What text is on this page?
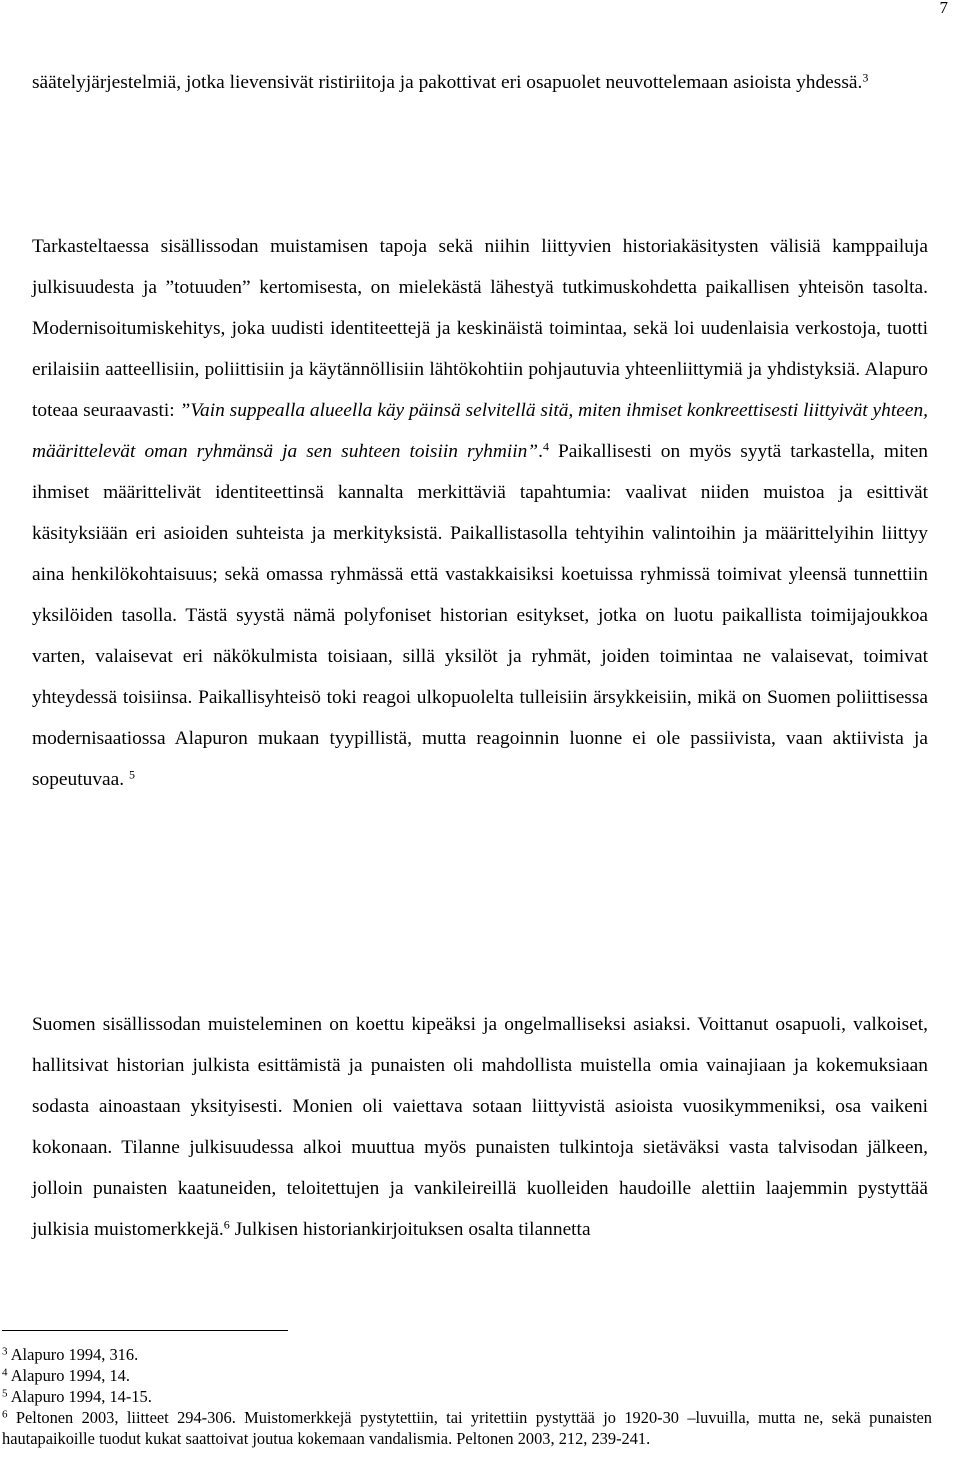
7

säätelyjärjestelmiä, jotka lievensivät ristiriitoja ja pakottivat eri osapuolet neuvottelemaan asioista yhdessä.$^3$

Tarkasteltaessa sisällissodan muistamisen tapoja sekä niihin liittyvien historiakäsitysten välisiä kamppailuja julkisuudesta ja ”totuuden” kertomisesta, on mielekästä lähestyä tutkimuskohdetta paikallisen yhteisön tasolta. Modernisoitumiskehitys, joka uudisti identiteettejä ja keskinäistä toimintaa, sekä loi uudenlaisia verkostoja, tuotti erilaisiin aatteellisiin, poliittisiin ja käytännöllisiin lähtökohtiin pohjautuvia yhteenliittymiä ja yhdistyksiä. Alapuro toteaa seuraavasti: ”Vain suppealla alueella käy päinsä selvitellä sitä, miten ihmiset konkreettisesti liittyivät yhteen, määrittelevät oman ryhmänsä ja sen suhteen toisiin ryhmiin”.$^4$ Paikallisesti on myös syytä tarkastella, miten ihmiset määrittelivät identiteettinsä kannalta merkittäviä tapahtumia: vaalivat niiden muistoa ja esittivät käsityksiään eri asioiden suhteista ja merkityksistä. Paikallistasolla tehtyihin valintoihin ja määrittelyihin liittyy aina henkilökohtaisuus; sekä omassa ryhmässä että vastakkaisiksi koetuissa ryhmissä toimivat yleensä tunnettiin yksilöiden tasolla. Tästä syystä nämä polyfoniset historian esitykset, jotka on luotu paikallista toimijajoukkoa varten, valaisevat eri näkökulmista toisiaan, sillä yksilöt ja ryhmät, joiden toimintaa ne valaisevat, toimivat yhteydessä toisiinsa. Paikallisyhteisö toki reagoi ulkopuolelta tulleisiin ärsykkeisiin, mikä on Suomen poliittisessa modernisaatiossa Alapuron mukaan tyypillistä, mutta reagoinnin luonne ei ole passiivista, vaan aktiivista ja sopeutuvaa. $^5$

Suomen sisällissodan muisteleminen on koettu kipeäksi ja ongelmalliseksi asiaksi. Voittanut osapuoli, valkoiset, hallitsivat historian julkista esittämistä ja punaisten oli mahdollista muistella omia vainajiaan ja kokemuksiaan sodasta ainoastaan yksityisesti. Monien oli vaiettava sotaan liittyvistä asioista vuosikymmeniksi, osa vaikeni kokonaan. Tilanne julkisuudessa alkoi muuttua myös punaisten tulkintoja sietäväksi vasta talvisodan jälkeen, jolloin punaisten kaatuneiden, teloitettujen ja vankileireillä kuolleiden haudoille alettiin laajemmin pystyttää julkisia muistomerkkejä.$^6$ Julkisen historiankirjoituksen osalta tilannetta

$^3$ Alapuro 1994, 316.

$^4$ Alapuro 1994, 14.

$^5$ Alapuro 1994, 14-15.

$^6$ Peltonen 2003, liitteet 294-306. Muistomerkkejä pystytettiin, tai yritettiin pystyttää jo 1920-30 –luvuilla, mutta ne, sekä punaisten hautapaikoille tuodut kukat saattoivat joutua kokemaan vandalismia. Peltonen 2003, 212, 239-241.
